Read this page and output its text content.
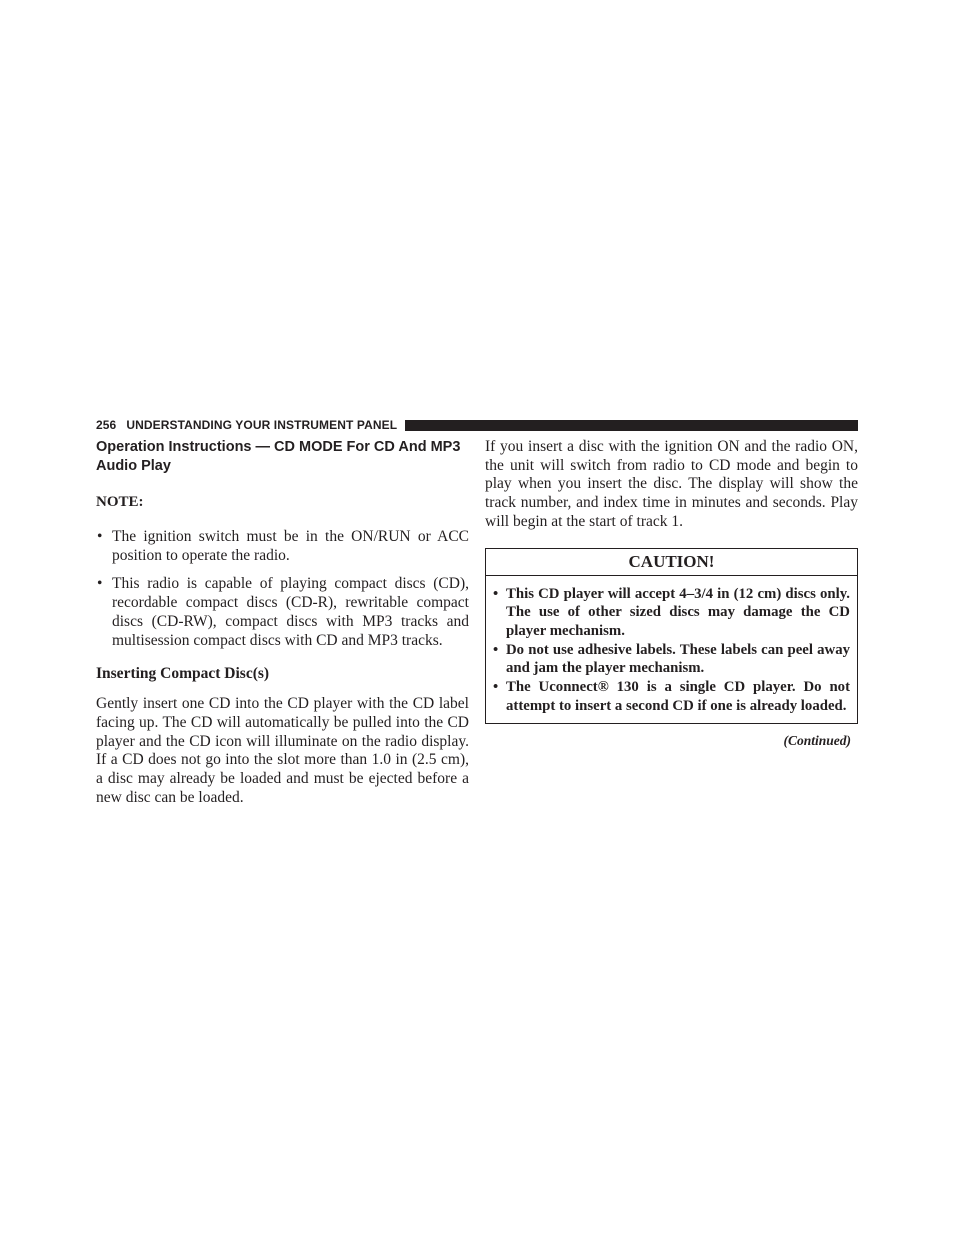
256 UNDERSTANDING YOUR INSTRUMENT PANEL
Operation Instructions — CD MODE For CD And MP3 Audio Play
NOTE:
• The ignition switch must be in the ON/RUN or ACC position to operate the radio.
• This radio is capable of playing compact discs (CD), recordable compact discs (CD-R), rewritable compact discs (CD-RW), compact discs with MP3 tracks and multisession compact discs with CD and MP3 tracks.
Inserting Compact Disc(s)

Gently insert one CD into the CD player with the CD label facing up. The CD will automatically be pulled into the CD player and the CD icon will illuminate on the radio display. If a CD does not go into the slot more than 1.0 in (2.5 cm), a disc may already be loaded and must be ejected before a new disc can be loaded.

If you insert a disc with the ignition ON and the radio ON, the unit will switch from radio to CD mode and begin to play when you insert the disc. The display will show the track number, and index time in minutes and seconds. Play will begin at the start of track 1.

CAUTION!
• This CD player will accept 4–3/4 in (12 cm) discs only. The use of other sized discs may damage the CD player mechanism.
• Do not use adhesive labels. These labels can peel away and jam the player mechanism.
• The Uconnect® 130 is a single CD player. Do not attempt to insert a second CD if one is already loaded.
(Continued)
